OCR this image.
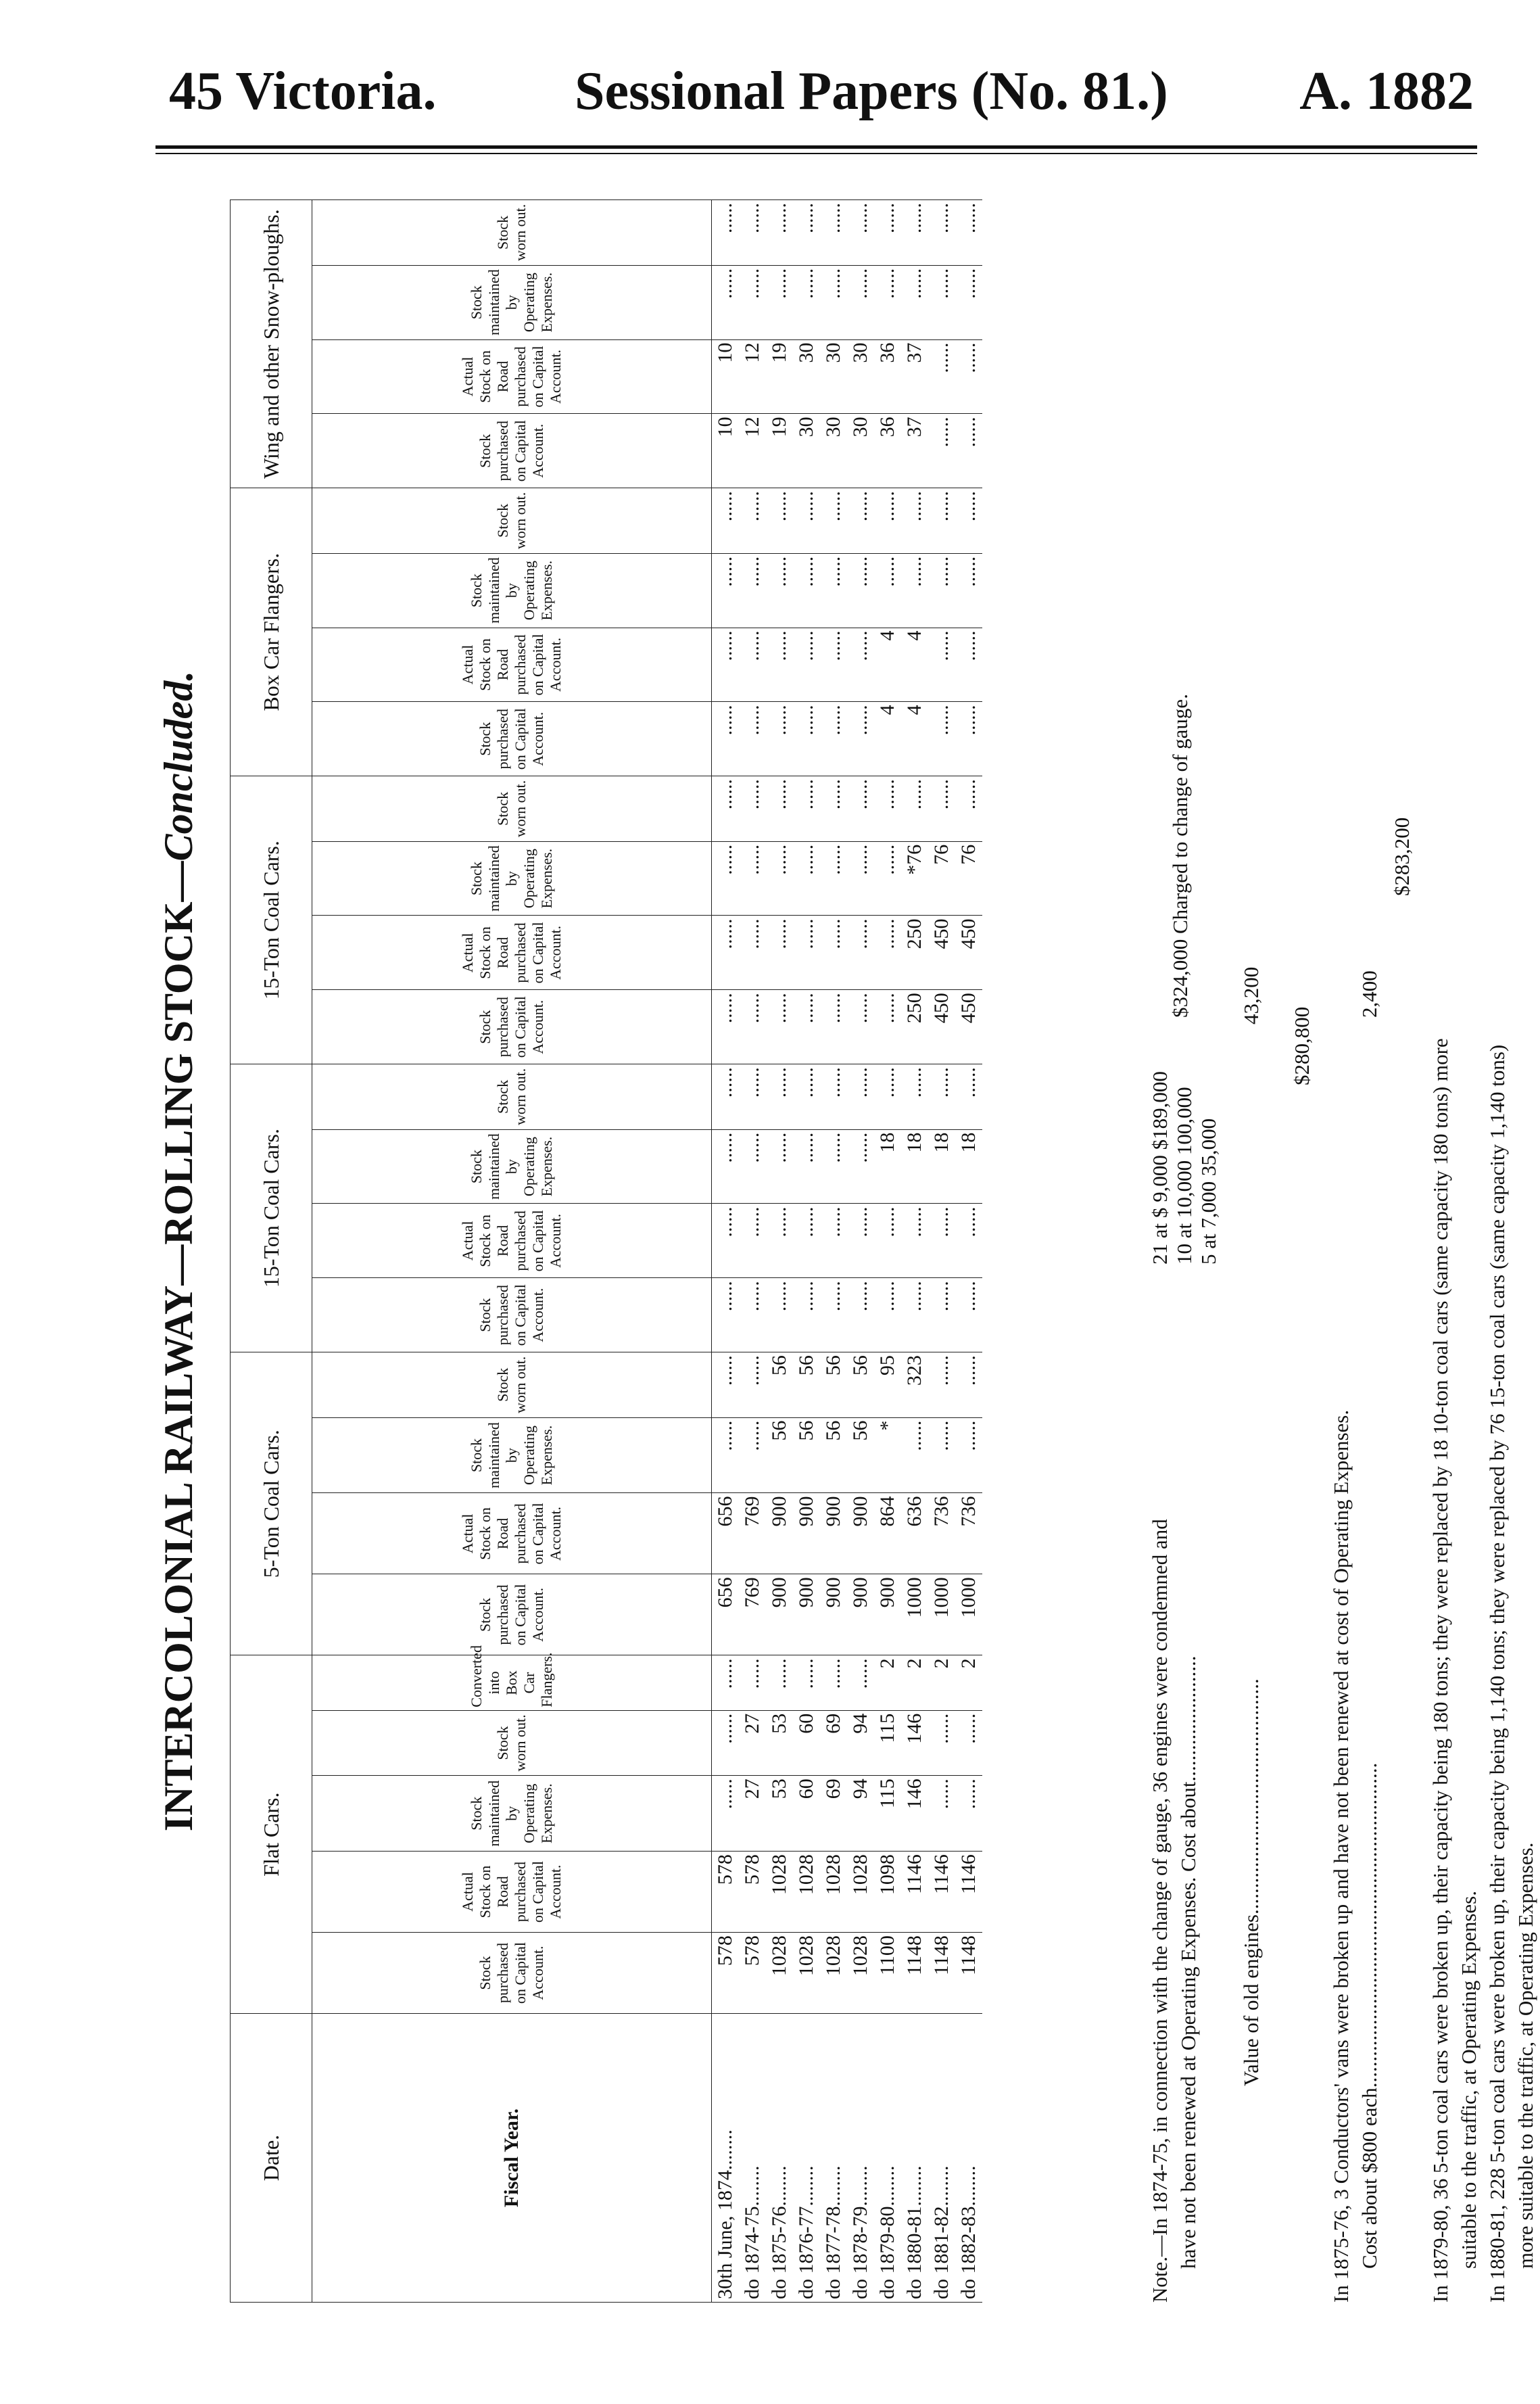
45 Victoria.	Sessional Papers (No. 81.) A. 1882
INTERCOLONIAL RAILWAY—ROLLING STOCK—Concluded.
Date.	Flat Cars.					5-Ton Coal Cars.				15-Ton Coal Cars.				15-Ton Coal Cars.				Box Car Flangers.				Wing and other Snow-ploughs.			
Fiscal Year.	Stock purchased on Capital Account.	Actual Stock on Road purchased on Capital Account.	Stock maintained by Operating Expenses.	Stock worn out.	Converted into Box Car Flangers.	Stock purchased on Capital Account.	Actual Stock on Road purchased on Capital Account.	Stock maintained by Operating Expenses.	Stock worn out.	Stock purchased on Capital Account.	Actual Stock on Road purchased on Capital Account.	Stock maintained by Operating Expenses.	Stock worn out.	Stock purchased on Capital Account.	Actual Stock on Road purchased on Capital Account.	Stock maintained by Operating Expenses.	Stock worn out.	Stock purchased on Capital Account.	Actual Stock on Road purchased on Capital Account.	Stock maintained by Operating Expenses.	Stock worn out.	Stock purchased on Capital Account.	Actual Stock on Road purchased on Capital Account.	Stock maintained by Operating Expenses.	Stock worn out.
30th June, 1874........	578	578	......	......	......	656	656	......	......	......	......	......	......	......	......	......	......	......	......	......	......	10	10	......	......
do 1874-75........	578	578	27	27	......	769	769	......	......	......	......	......	......	......	......	......	......	......	......	......	......	12	12	......	......
do 1875-76........	1028	1028	53	53	......	900	900	56	56	......	......	......	......	......	......	......	......	......	......	......	......	19	19	......	......
do 1876-77........	1028	1028	60	60	......	900	900	56	56	......	......	......	......	......	......	......	......	......	......	......	......	30	30	......	......
do 1877-78........	1028	1028	69	69	......	900	900	56	56	......	......	......	......	......	......	......	......	......	......	......	......	30	30	......	......
do 1878-79........	1028	1028	94	94	......	900	900	56	56	......	......	......	......	......	......	......	......	......	......	......	......	30	30	......	......
do 1879-80........	1100	1098	115	115	2	900	864	*	95	......	......	18	......	......	......	......	......	4	4	......	......	36	36	......	......
do 1880-81........	1148	1146	146	146	2	1000	636	......	323	......	......	18	......	250	250	*76	......	4	4	......	......	37	37	......	......
do 1881-82........	1148	1146	......	......	2	1000	736	......	......	......	......	18	......	450	450	76	......	......	......	......	......	......	......	......	......
do 1882-83........	1148	1146	......	......	2	1000	736	......	......	......	......	18	......	450	450	76	......	......	......	......	......	......	......	......	......
Note.—In 1874-75, in connection with the change of gauge, 36 engines were condemned and have not been renewed at Operating Expenses. Cost about........................
21 at $ 9,000 $189,000 10 at 10,000 100,000 5 at 7,000 35,000
$324,000 Charged to change of gauge.
Value of old engines.............................................
43,200
$280,800
In 1875-76, 3 Conductors' vans were broken up and have not been renewed at cost of Operating Expenses. Cost about $800 each..............................................................
2,400
$283,200
In 1879-80, 36 5-ton coal cars were broken up, their capacity being 180 tons; they were replaced by 18 10-ton coal cars (same capacity 180 tons) more suitable to the traffic, at Operating Expenses. In 1880-81, 228 5-ton coal cars were broken up, their capacity being 1,140 tons; they were replaced by 76 15-ton coal cars (same capacity 1,140 tons) more suitable to the traffic, at Operating Expenses.
